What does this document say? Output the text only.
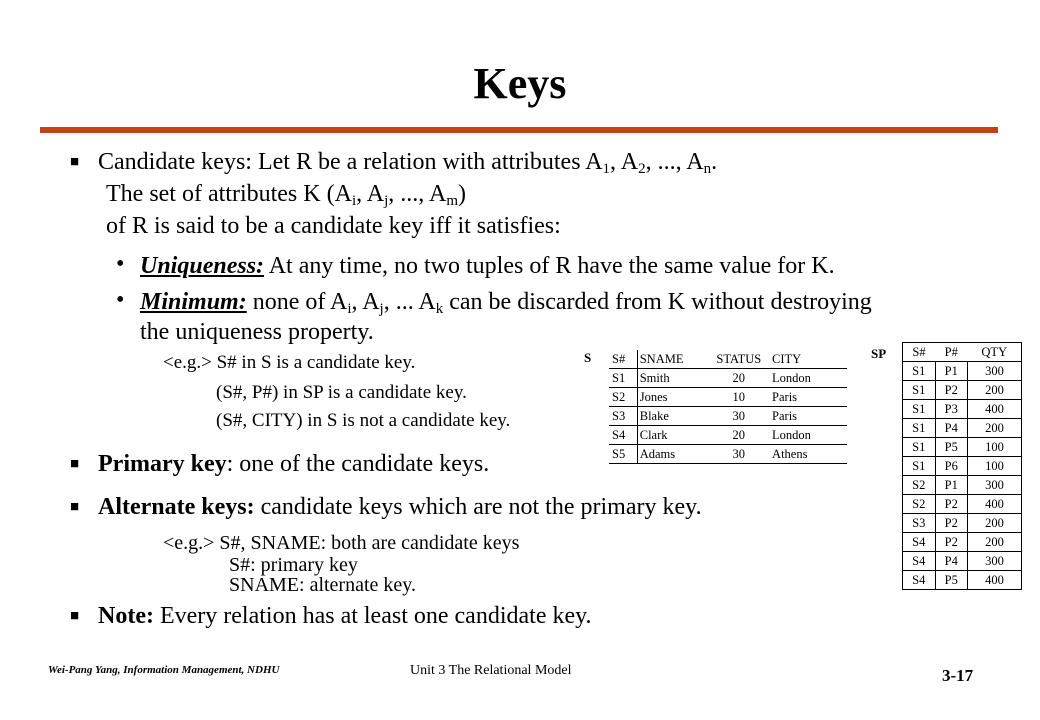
Keys
■ Candidate keys: Let R be a relation with attributes $A_1$, $A_2$, ..., $A_n$.
The set of attributes K ($A_i$, $A_j$, ..., $A_m$)
of R is said to be a candidate key iff it satisfies:
• Uniqueness: At any time, no two tuples of R have the same value for K.
• Minimum: none of $A_i$, $A_j$, ... $A_k$ can be discarded from K without destroying
the uniqueness property.
<e.g.> S# in S is a candidate key.
(S#, P#) in SP is a candidate key.
(S#, CITY) in S is not a candidate key.
■ Primary key: one of the candidate keys.
■ Alternate keys: candidate keys which are not the primary key.
<e.g.> S#, SNAME: both are candidate keys
S#: primary key
SNAME: alternate key.
■ Note: Every relation has at least one candidate key.
S S#	SNAME	STATUS	CITY
S1	Smith	20	London
S2	Jones	10	Paris
S3	Blake	30	Paris
S4	Clark	20	London
S5	Adams	30	Athens
SP S#	P#	QTY
S1	P1	300
S1	P2	200
S1	P3	400
S1	P4	200
S1	P5	100
S1	P6	100
S2	P1	300
S2	P2	400
S3	P2	200
S4	P2	200
S4	P4	300
S4	P5	400
Wei-Pang Yang, Information Management, NDHU	Unit 3 The Relational Model	3-17
